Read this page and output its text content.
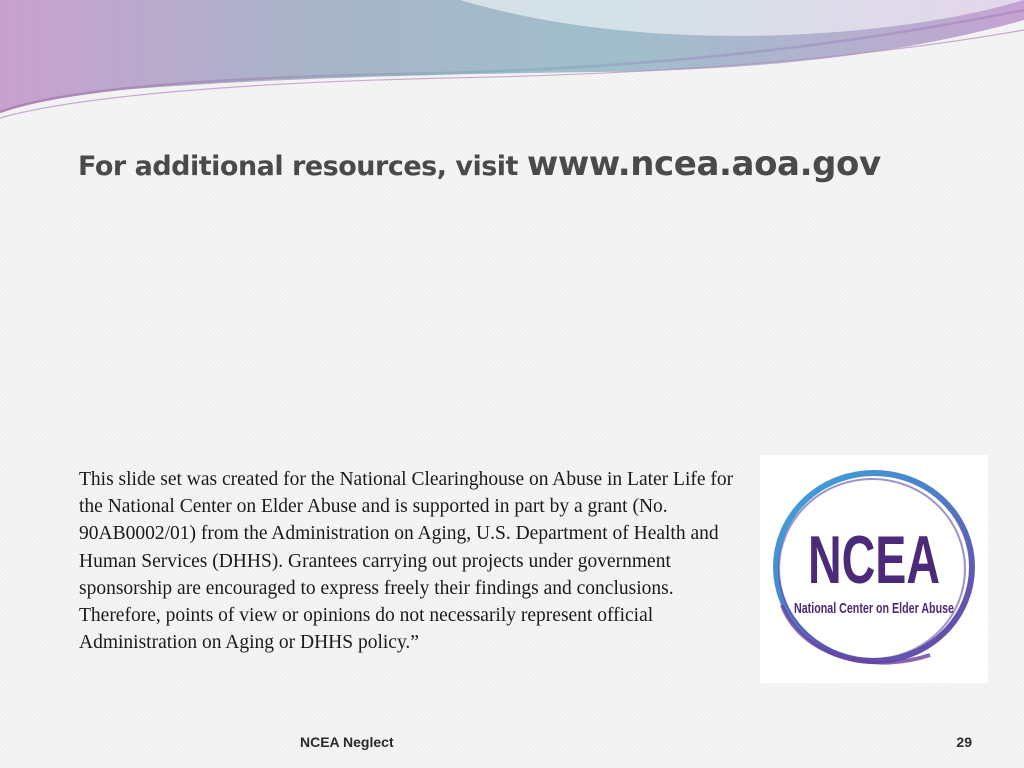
For additional resources, visit www.ncea.aoa.gov

This slide set was created for the National Clearinghouse on Abuse in Later Life for the National Center on Elder Abuse and is supported in part by a grant (No. 90AB0002/01) from the Administration on Aging, U.S. Department of Health and Human Services (DHHS). Grantees carrying out projects under government sponsorship are encouraged to express freely their findings and conclusions. Therefore, points of view or opinions do not necessarily represent official Administration on Aging or DHHS policy.”

NCEA
National Center on Elder Abuse
NCEA Neglect	29
